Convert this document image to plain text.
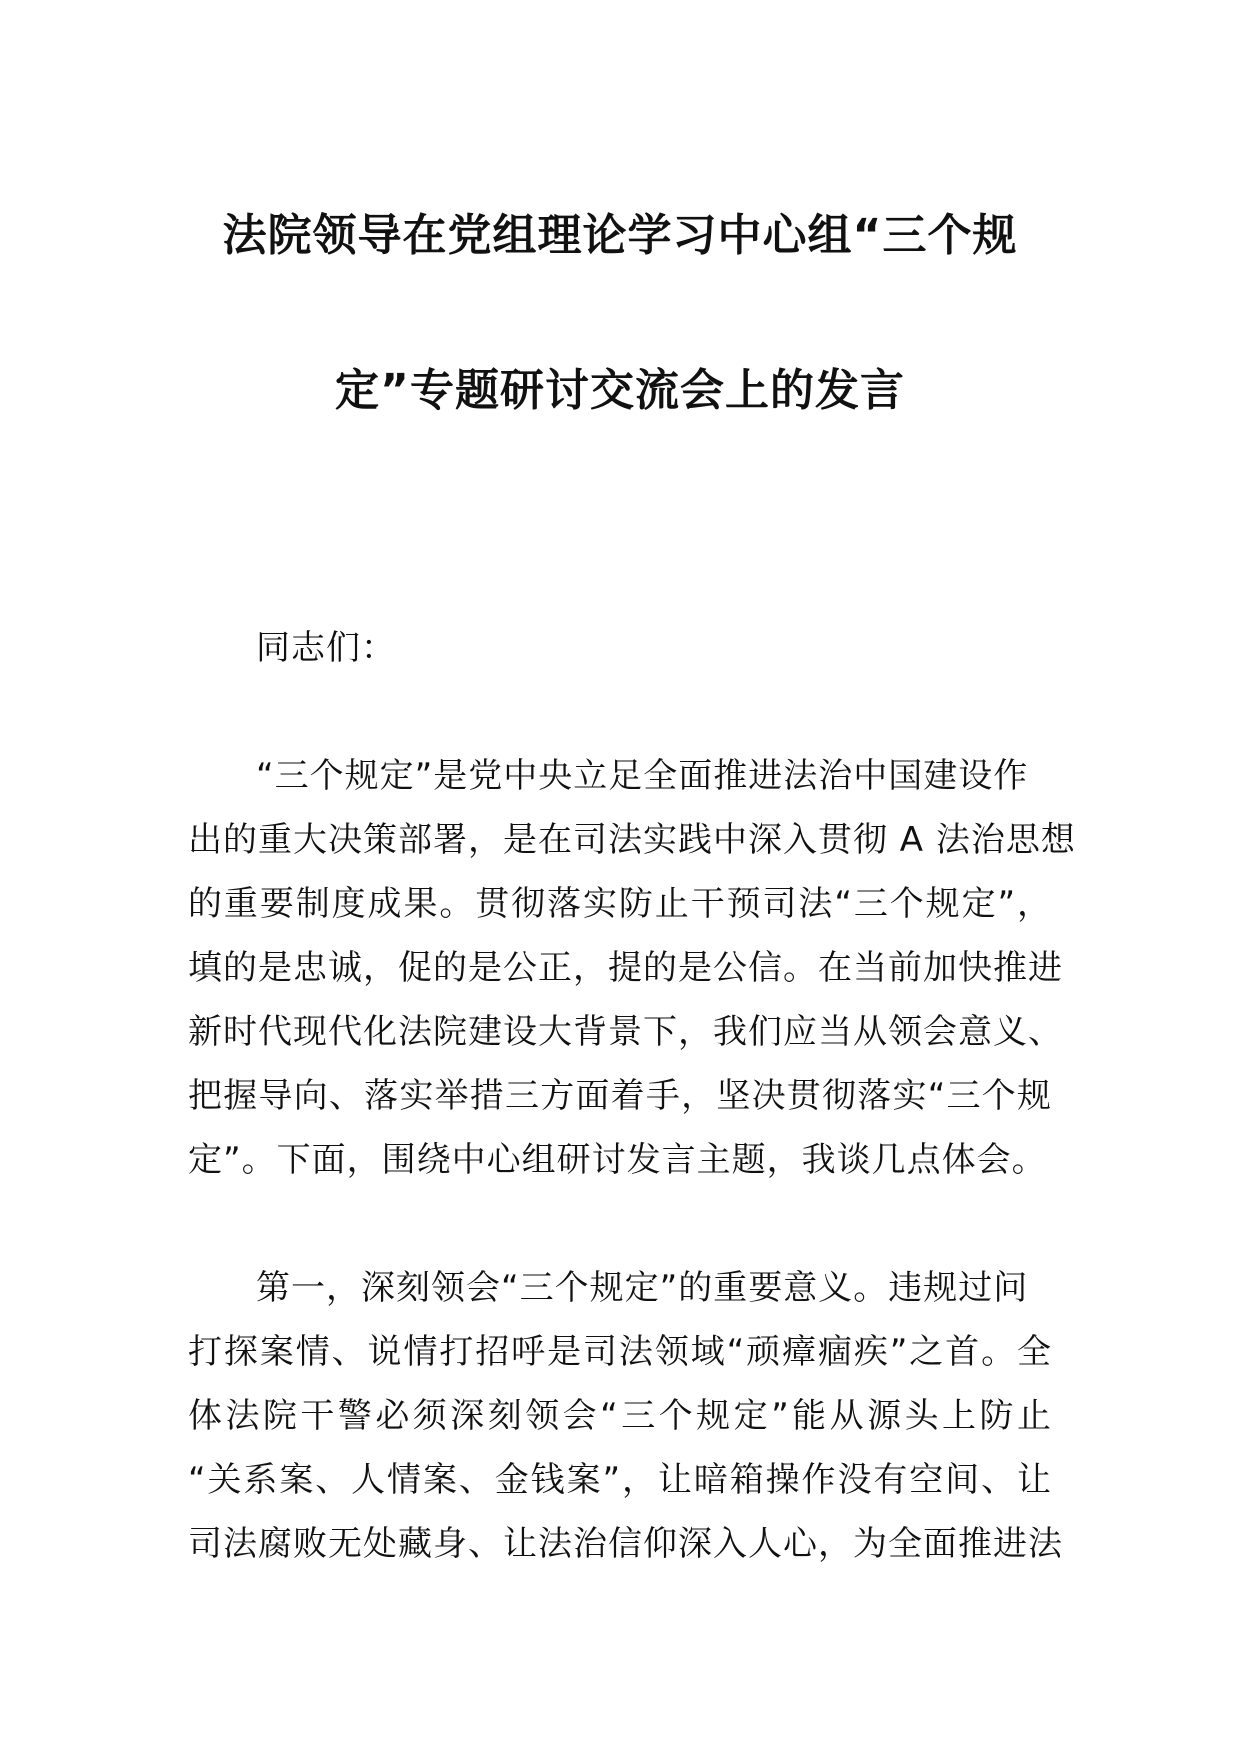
法院领导在党组理论学习中心组“三个规
定”专题研讨交流会上的发言
同志们：
“三个规定”是党中央立足全面推进法治中国建设作
出的重大决策部署，是在司法实践中深入贯彻 A 法治思想
的重要制度成果。贯彻落实防止干预司法“三个规定”，
填的是忠诚，促的是公正，提的是公信。在当前加快推进
新时代现代化法院建设大背景下，我们应当从领会意义、
把握导向、落实举措三方面着手，坚决贯彻落实“三个规
定”。下面，围绕中心组研讨发言主题，我谈几点体会。
第一，深刻领会“三个规定”的重要意义。违规过问
打探案情、说情打招呼是司法领域“顽瘴痼疾”之首。全
体法院干警必须深刻领会“三个规定”能从源头上防止
“关系案、人情案、金钱案”，让暗箱操作没有空间、让
司法腐败无处藏身、让法治信仰深入人心，为全面推进法
